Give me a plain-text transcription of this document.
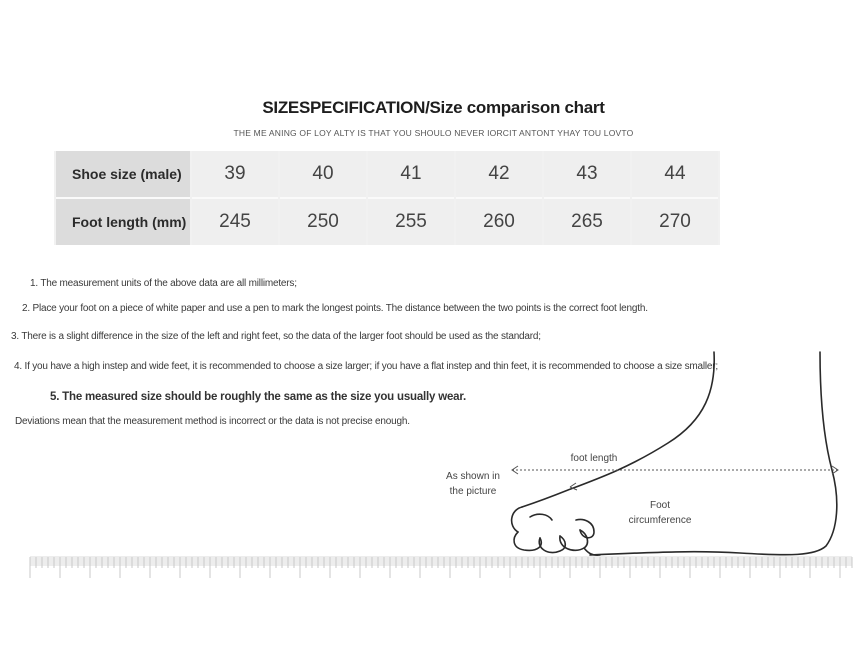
SIZESPECIFICATION/Size comparison chart
THE ME ANING OF LOY ALTY IS THAT YOU SHOULO NEVER IORCIT ANTONT YHAY TOU LOVTO
Shoe size (male)	39	40	41	42	43	44
Foot length (mm)	245	250	255	260	265	270
1. The measurement units of the above data are all millimeters;
2. Place your foot on a piece of white paper and use a pen to mark the longest points. The distance between the two points is the correct foot length.
3. There is a slight difference in the size of the left and right feet, so the data of the larger foot should be used as the standard;
4. If you have a high instep and wide feet, it is recommended to choose a size larger; if you have a flat instep and thin feet, it is recommended to choose a size smaller;
5. The measured size should be roughly the same as the size you usually wear.
Deviations mean that the measurement method is incorrect or the data is not precise enough.
As shown in
the picture
foot length
Foot
circumference
